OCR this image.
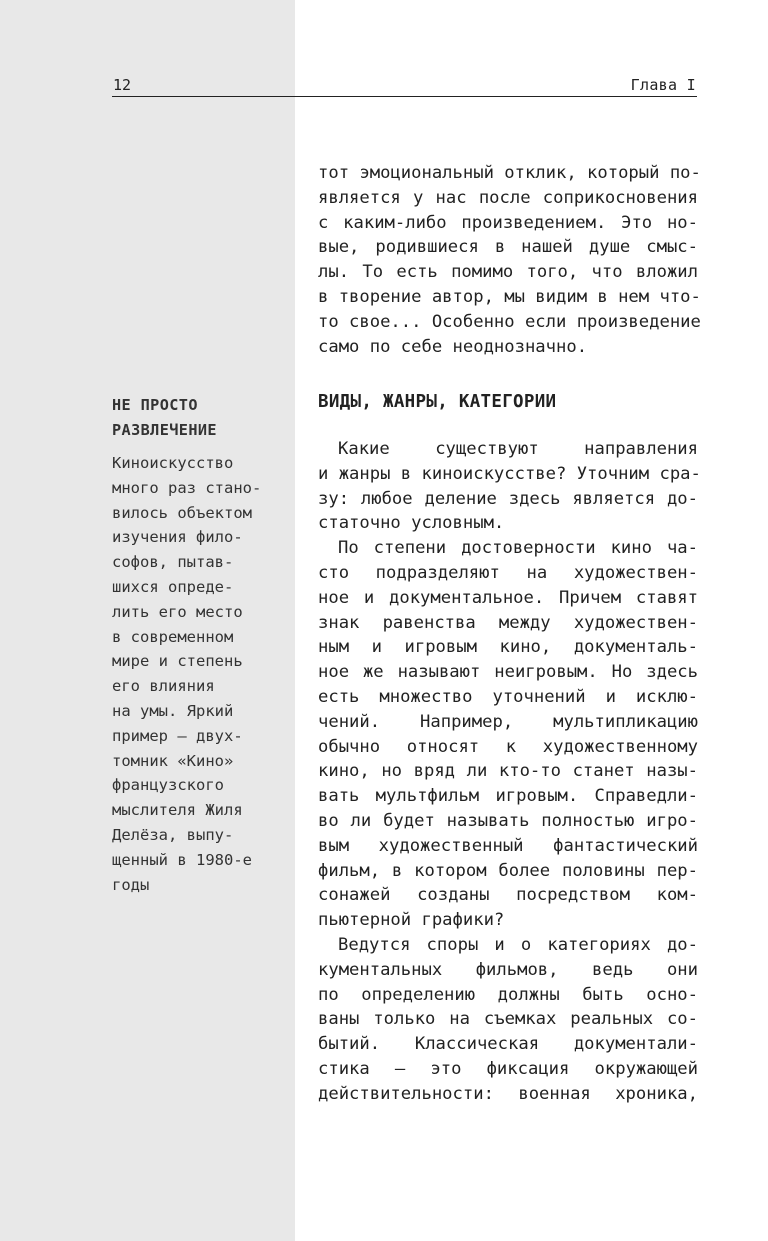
12	Глава I
тот эмоциональный отклик, который по-
является у нас после соприкосновения
с каким-либо произведением. Это но-
вые, родившиеся в нашей душе смыс-
лы. То есть помимо того, что вложил
в творение автор, мы видим в нем что-
то свое... Особенно если произведение
само по себе неоднозначно.
НЕ ПРОСТО
РАЗВЛЕЧЕНИЕ
ВИДЫ, ЖАНРЫ, КАТЕГОРИИ
Киноискусство
много раз стано-
вилось объектом
изучения фило-
софов, пытав-
шихся опреде-
лить его место
в современном
мире и степень
его влияния
на умы. Яркий
пример — двух-
томник «Кино»
французского
мыслителя Жиля
Делёза, выпу-
щенный в 1980-е
годы
Какие существуют направления
и жанры в киноискусстве? Уточним сра-
зу: любое деление здесь является до-
статочно условным.
По степени достоверности кино ча-
сто подразделяют на художествен-
ное и документальное. Причем ставят
знак равенства между художествен-
ным и игровым кино, документаль-
ное же называют неигровым. Но здесь
есть множество уточнений и исклю-
чений. Например, мультипликацию
обычно относят к художественному
кино, но вряд ли кто-то станет назы-
вать мультфильм игровым. Справедли-
во ли будет называть полностью игро-
вым художественный фантастический
фильм, в котором более половины пер-
сонажей созданы посредством ком-
пьютерной графики?
Ведутся споры и о категориях до-
кументальных фильмов, ведь они
по определению должны быть осно-
ваны только на съемках реальных со-
бытий. Классическая документали-
стика — это фиксация окружающей
действительности: военная хроника,
